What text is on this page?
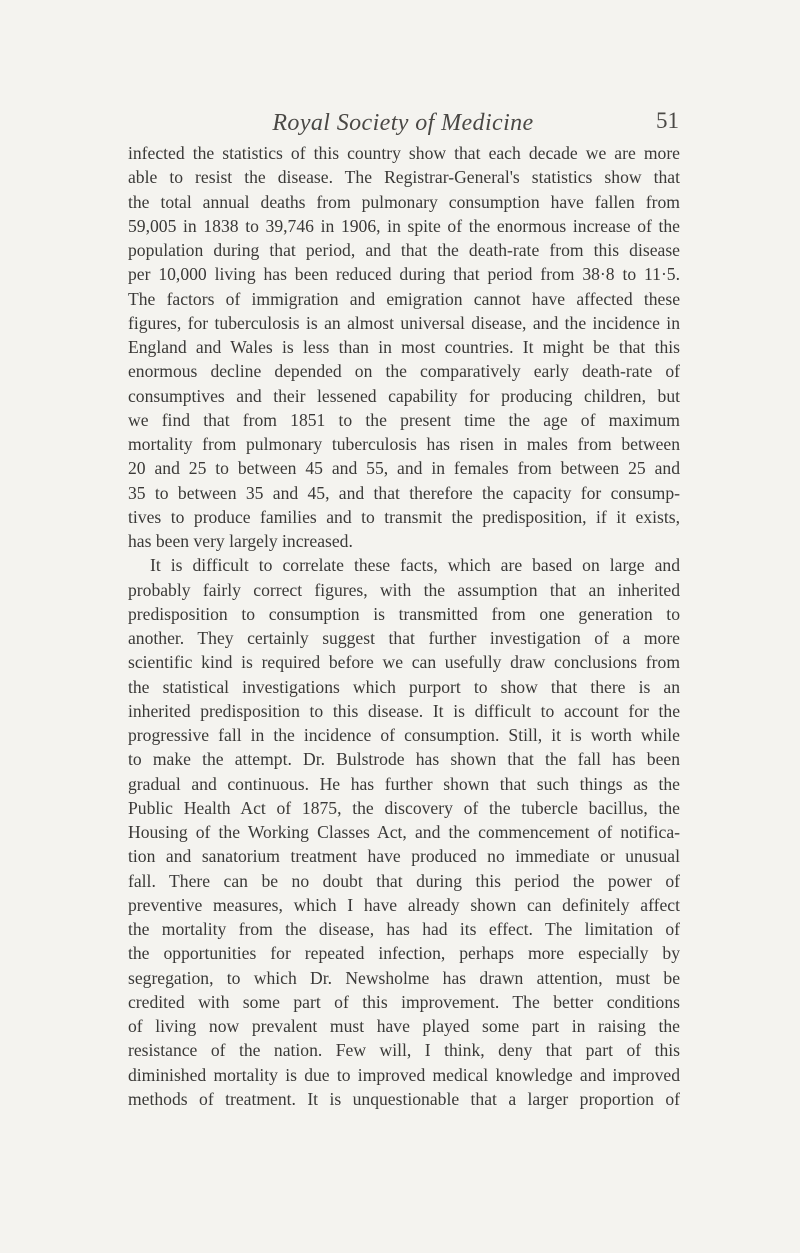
Royal Society of Medicine	51
infected the statistics of this country show that each decade we are more
able to resist the disease. The Registrar-General's statistics show that
the total annual deaths from pulmonary consumption have fallen from
59,005 in 1838 to 39,746 in 1906, in spite of the enormous increase of the
population during that period, and that the death-rate from this disease
per 10,000 living has been reduced during that period from 38·8 to 11·5.
The factors of immigration and emigration cannot have affected these
figures, for tuberculosis is an almost universal disease, and the incidence in
England and Wales is less than in most countries. It might be that this
enormous decline depended on the comparatively early death-rate of
consumptives and their lessened capability for producing children, but
we find that from 1851 to the present time the age of maximum
mortality from pulmonary tuberculosis has risen in males from between
20 and 25 to between 45 and 55, and in females from between 25 and
35 to between 35 and 45, and that therefore the capacity for consump-
tives to produce families and to transmit the predisposition, if it exists,
has been very largely increased.
It is difficult to correlate these facts, which are based on large and
probably fairly correct figures, with the assumption that an inherited
predisposition to consumption is transmitted from one generation to
another. They certainly suggest that further investigation of a more
scientific kind is required before we can usefully draw conclusions from
the statistical investigations which purport to show that there is an
inherited predisposition to this disease. It is difficult to account for the
progressive fall in the incidence of consumption. Still, it is worth while
to make the attempt. Dr. Bulstrode has shown that the fall has been
gradual and continuous. He has further shown that such things as the
Public Health Act of 1875, the discovery of the tubercle bacillus, the
Housing of the Working Classes Act, and the commencement of notifica-
tion and sanatorium treatment have produced no immediate or unusual
fall. There can be no doubt that during this period the power of
preventive measures, which I have already shown can definitely affect
the mortality from the disease, has had its effect. The limitation of
the opportunities for repeated infection, perhaps more especially by
segregation, to which Dr. Newsholme has drawn attention, must be
credited with some part of this improvement. The better conditions
of living now prevalent must have played some part in raising the
resistance of the nation. Few will, I think, deny that part of this
diminished mortality is due to improved medical knowledge and improved
methods of treatment. It is unquestionable that a larger proportion of
